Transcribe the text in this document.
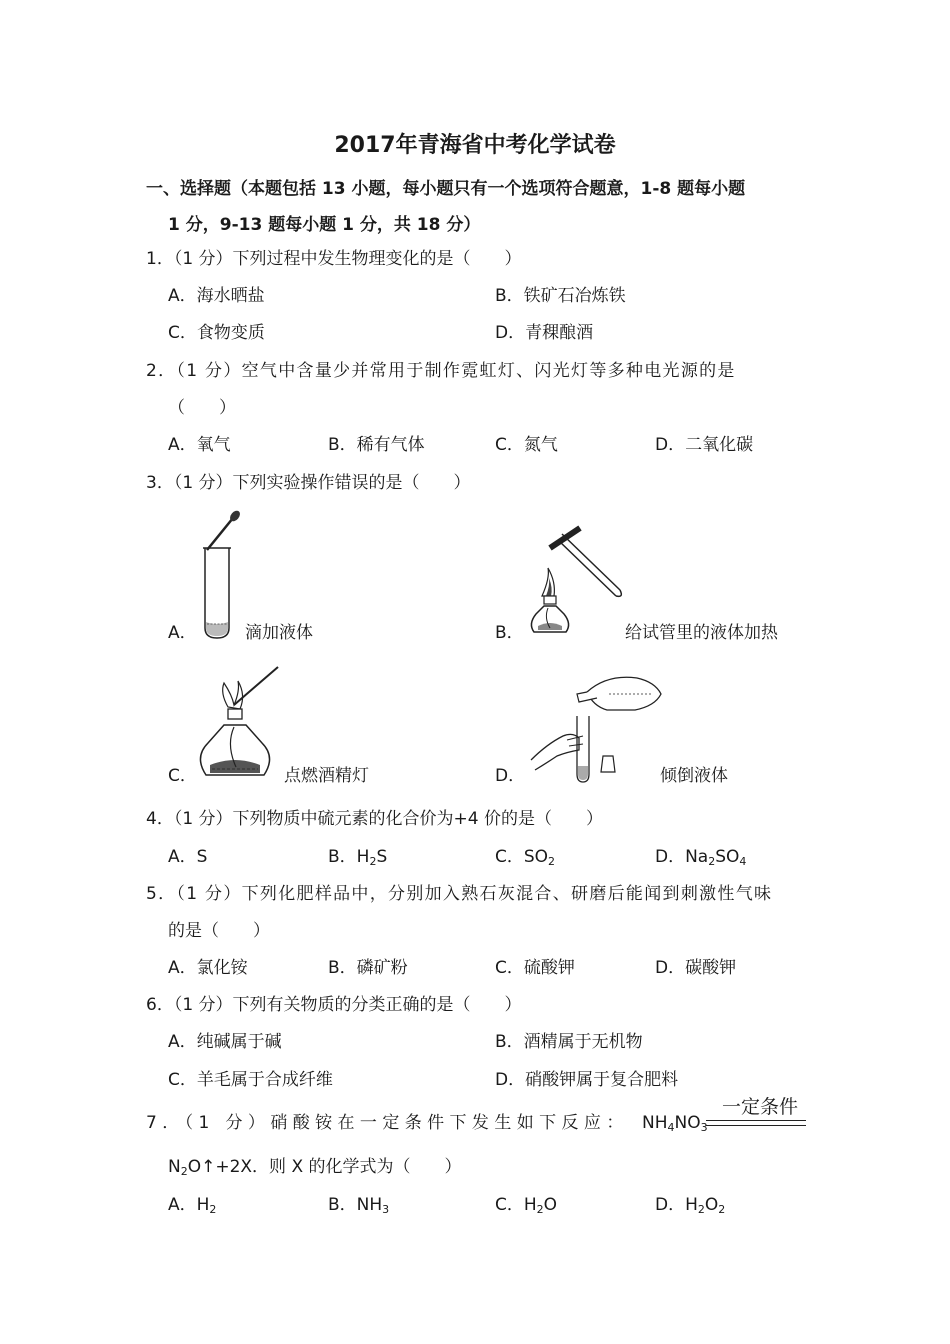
2017年青海省中考化学试卷
一、选择题（本题包括 13 小题，每小题只有一个选项符合题意，1-8 题每小题
1 分，9-13 题每小题 1 分，共 18 分）
1．（1 分）下列过程中发生物理变化的是（　　）
A．海水晒盐	B．铁矿石冶炼铁
C．食物变质	D．青稞酿酒
2．（1 分）空气中含量少并常用于制作霓虹灯、闪光灯等多种电光源的是
（　　）
A．氧气	B．稀有气体	C．氮气	D．二氧化碳
3．（1 分）下列实验操作错误的是（　　）
A．	滴加液体	B．	给试管里的液体加热
C．	点燃酒精灯	D．	倾倒液体
4．（1 分）下列物质中硫元素的化合价为+4 价的是（　　）
A．S	B．$H_2S$	C．$SO_2$	D．$Na_2SO_4$
5．（1 分）下列化肥样品中，分别加入熟石灰混合、研磨后能闻到刺激性气味
的是（　　）
A．氯化铵	B．磷矿粉	C．硫酸钾	D．碳酸钾
6．（1 分）下列有关物质的分类正确的是（　　）
A．纯碱属于碱	B．酒精属于无机物
C．羊毛属于合成纤维	D．硝酸钾属于复合肥料
7．（1 分）硝酸铵在一定条件下发生如下反应： $NH_4NO_3$
一定条件
$N_2O↑+2X$．则 X 的化学式为（　　）
A．$H_2$	B．$NH_3$	C．$H_2O$	D．$H_2O_2$
